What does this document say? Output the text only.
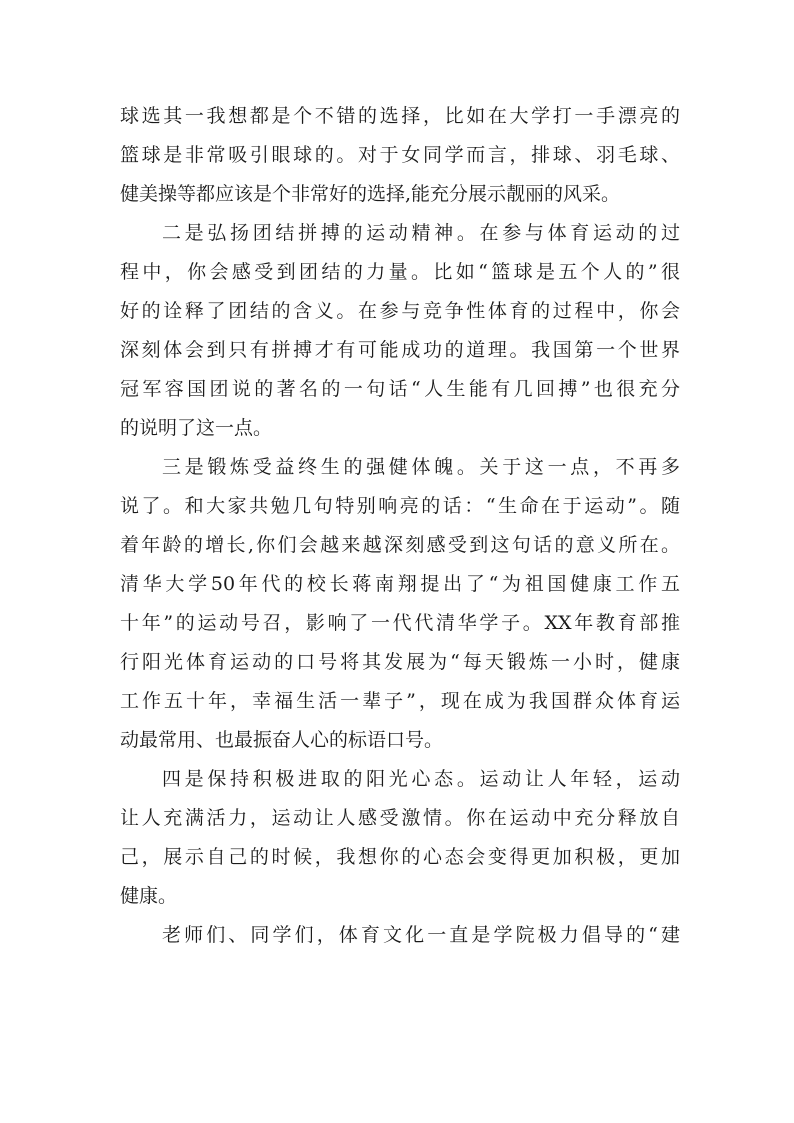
球选其一我想都是个不错的选择，比如在大学打一手漂亮的
篮球是非常吸引眼球的。对于女同学而言，排球、羽毛球、
健美操等都应该是个非常好的选择,能充分展示靓丽的风采。
二是弘扬团结拼搏的运动精神。在参与体育运动的过
程中，你会感受到团结的力量。比如“篮球是五个人的”很
好的诠释了团结的含义。在参与竞争性体育的过程中，你会
深刻体会到只有拼搏才有可能成功的道理。我国第一个世界
冠军容国团说的著名的一句话“人生能有几回搏”也很充分
的说明了这一点。
三是锻炼受益终生的强健体魄。关于这一点，不再多
说了。和大家共勉几句特别响亮的话：“生命在于运动”。随
着年龄的增长,你们会越来越深刻感受到这句话的意义所在。
清华大学50年代的校长蒋南翔提出了“为祖国健康工作五
十年”的运动号召，影响了一代代清华学子。XX年教育部推
行阳光体育运动的口号将其发展为“每天锻炼一小时，健康
工作五十年，幸福生活一辈子”，现在成为我国群众体育运
动最常用、也最振奋人心的标语口号。
四是保持积极进取的阳光心态。运动让人年轻，运动
让人充满活力，运动让人感受激情。你在运动中充分释放自
己，展示自己的时候，我想你的心态会变得更加积极，更加
健康。
老师们、同学们，体育文化一直是学院极力倡导的“建
